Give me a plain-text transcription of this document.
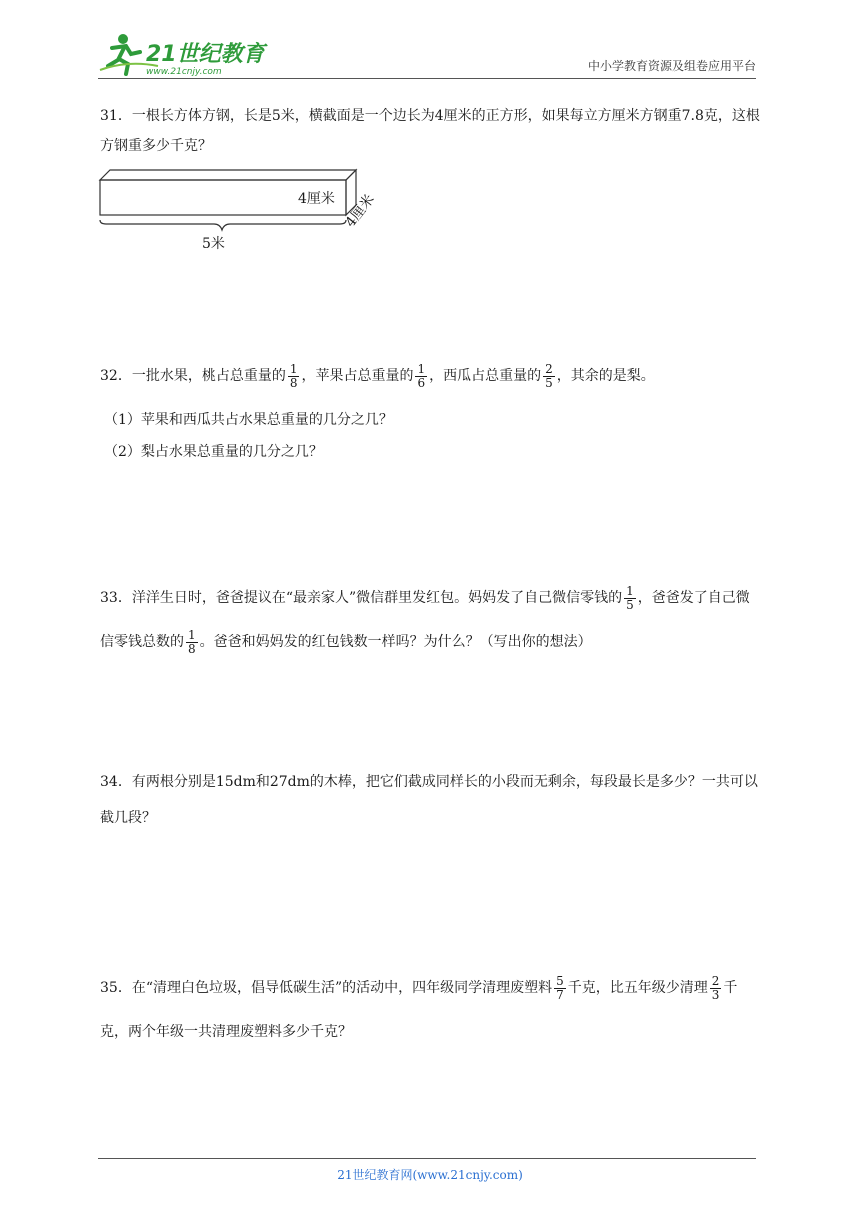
21世纪教育
www.21cnjy.com	中小学教育资源及组卷应用平台
31．一根长方体方钢，长是5米，横截面是一个边长为4厘米的正方形，如果每立方厘米方钢重7.8克，这根方钢重多少千克？
4厘米 4厘米
5米
32．一批水果，桃占总重量的 $\frac{1}{8}$ ，苹果占总重量的 $\frac{1}{6}$ ，西瓜占总重量的 $\frac{2}{5}$ ，其余的是梨。
（1）苹果和西瓜共占水果总重量的几分之几？
（2）梨占水果总重量的几分之几？
33．洋洋生日时，爸爸提议在“最亲家人”微信群里发红包。妈妈发了自己微信零钱的 $\frac{1}{5}$ ，爸爸发了自己微信零钱总数的 $\frac{1}{8}$ 。爸爸和妈妈发的红包钱数一样吗？为什么？（写出你的想法）
34．有两根分别是15dm和27dm的木棒，把它们截成同样长的小段而无剩余，每段最长是多少？一共可以截几段？
35．在“清理白色垃圾，倡导低碳生活”的活动中，四年级同学清理废塑料 $\frac{5}{7}$ 千克，比五年级少清理 $\frac{2}{3}$ 千克，两个年级一共清理废塑料多少千克？
21世纪教育网(www.21cnjy.com)
